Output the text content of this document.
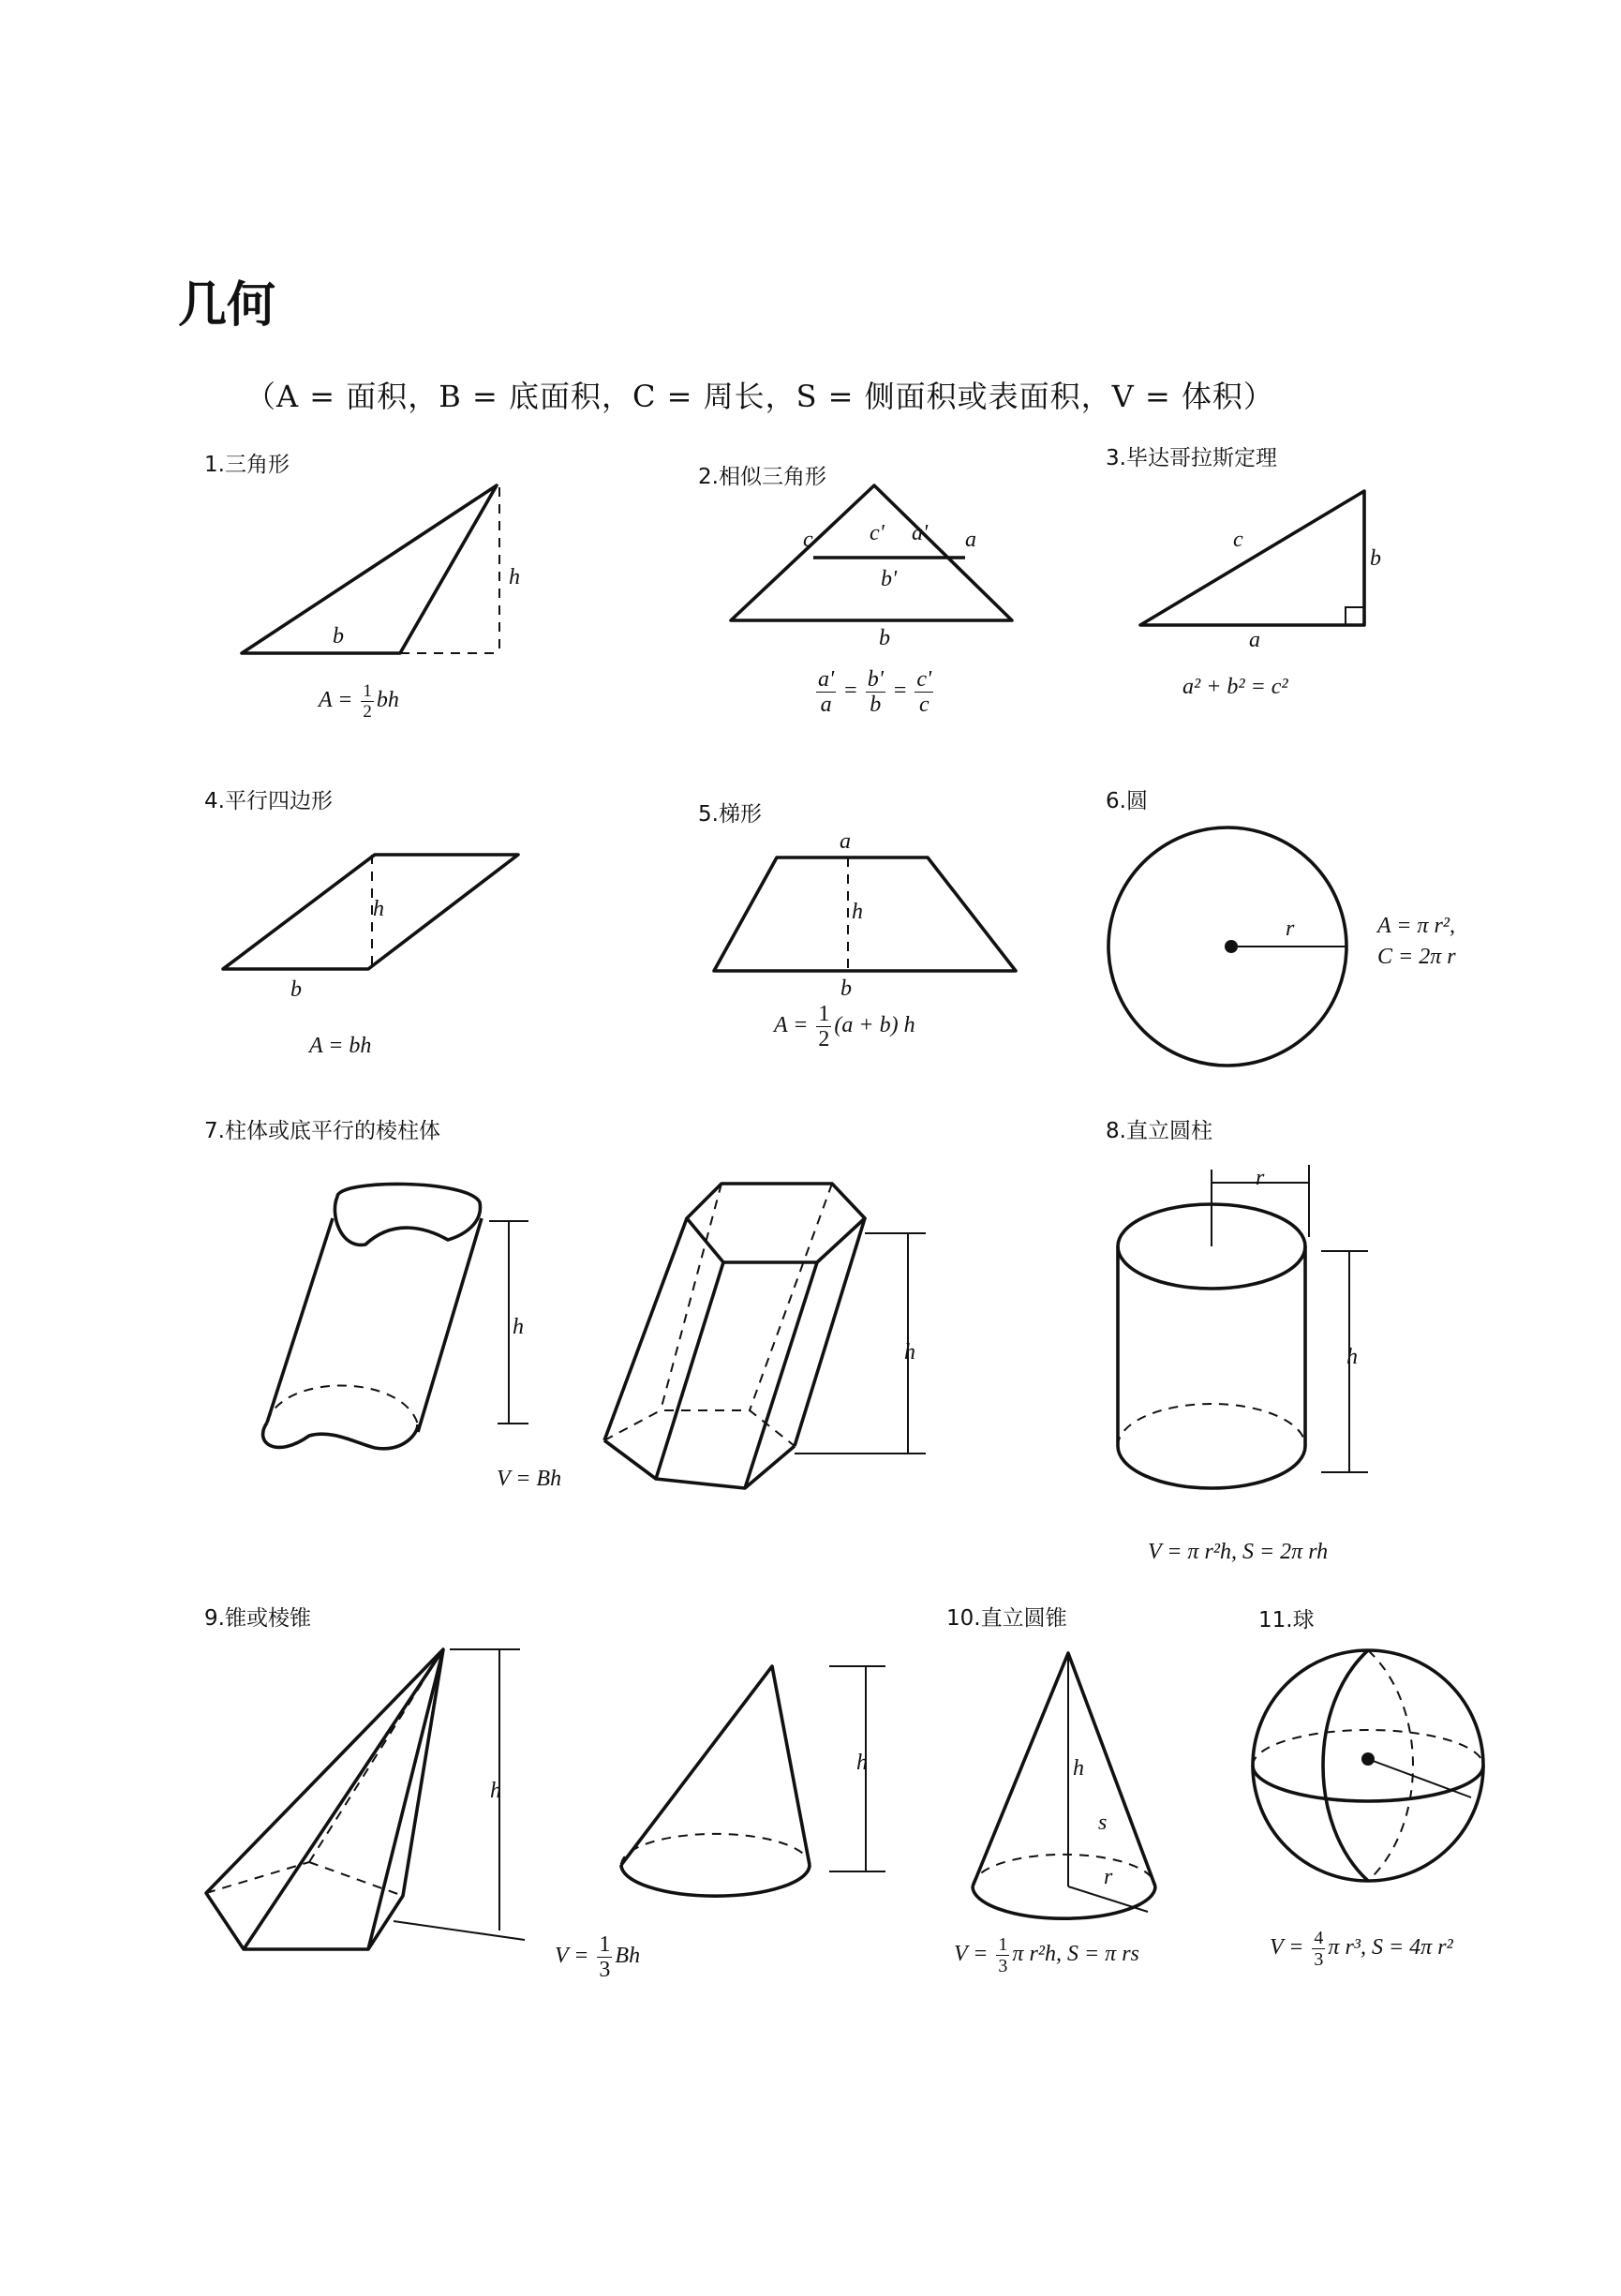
几何
（A = 面积，B = 底面积，C = 周长，S = 侧面积或表面积，V = 体积）
1.三角形
b
h
$A = \frac{1}{2}$ bh
2.相似三角形
c	c' a' a
b'
b
$\frac{a'}{a} = \frac{b'}{b} = \frac{c'}{c}$
3.毕达哥拉斯定理
c
b
a
a² + b² = c²
4.平行四边形
h
b
A = bh
5.梯形
a
h
b
$A = \frac{1}{2} (a + b)$ h
6.圆
r	A = π r²,
C = 2π r
7.柱体或底平行的棱柱体
h
h
V = Bh
8.直立圆柱
r
h
V = π r²h, S = 2π rh
9.锥或棱锥
h
h
$V = \frac{1}{3}$ Bh
10.直立圆锥
h
s
r
$V = \frac{1}{3}$ π r²h, S = π rs
11.球
$V = \frac{4}{3}$ π r³, S = 4π r²
